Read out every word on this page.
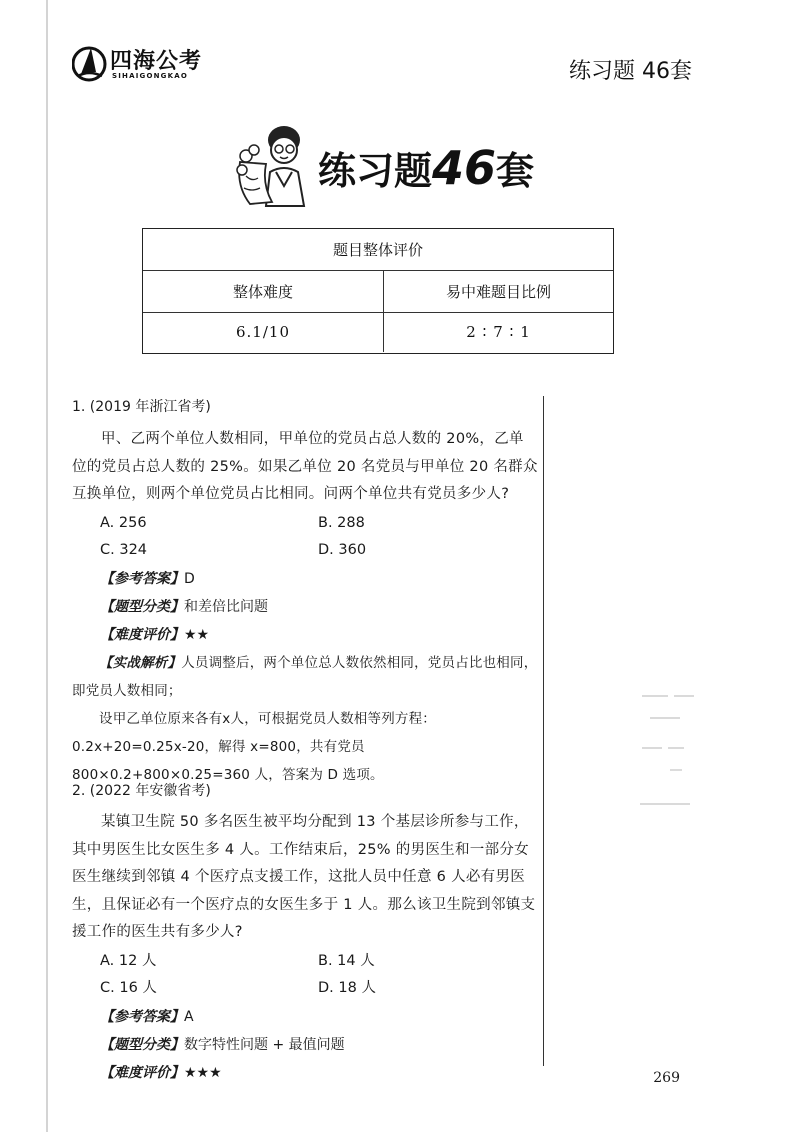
四海公考
SIHAIGONGKAO	练习题 46套
练习题46套
题目整体评价
整体难度	易中难题目比例
6.1/10	2 ∶ 7 ∶ 1
1. (2019 年浙江省考)
甲、乙两个单位人数相同，甲单位的党员占总人数的 20%，乙单位的党员占总人数的 25%。如果乙单位 20 名党员与甲单位 20 名群众互换单位，则两个单位党员占比相同。问两个单位共有党员多少人?
A. 256	B. 288
C. 324	D. 360
【参考答案】D
【题型分类】和差倍比问题
【难度评价】★★
【实战解析】人员调整后，两个单位总人数依然相同，党员占比也相同，即党员人数相同；
设甲乙单位原来各有x人，可根据党员人数相等列方程：0.2x+20=0.25x-20，解得 x=800，共有党员 800×0.2+800×0.25=360 人，答案为 D 选项。
2. (2022 年安徽省考)
某镇卫生院 50 多名医生被平均分配到 13 个基层诊所参与工作，其中男医生比女医生多 4 人。工作结束后，25% 的男医生和一部分女医生继续到邻镇 4 个医疗点支援工作，这批人员中任意 6 人必有男医生，且保证必有一个医疗点的女医生多于 1 人。那么该卫生院到邻镇支援工作的医生共有多少人?
A. 12 人	B. 14 人
C. 16 人	D. 18 人
【参考答案】A
【题型分类】数字特性问题 + 最值问题
【难度评价】★★★	269
